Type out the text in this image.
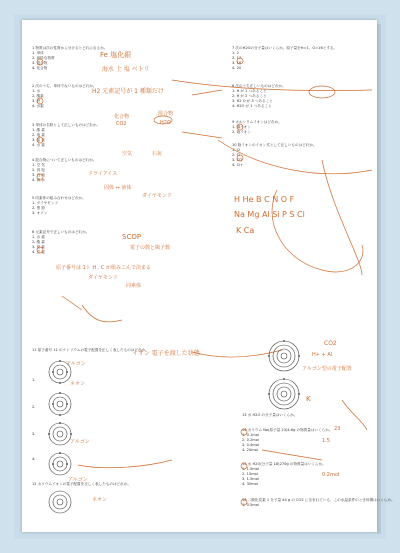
1 物質は次の性質から分けるとどれになるか。
1. 単体
2. 純粋な物質
3. 混合物
4. 化合物
2 次のうち、単体でないものはどれか。
1. 水
2. 酸素
3. 鉄
4. 水素
3 単体の名称として正しいものはどれか。
1. 酸 素
2. 塩 素
3. 窒 素
4. 水 素
4 混合物について正しいものはどれか。
1. 空 気
2. 食 塩
3. 石 油
4. 海 水
5 同素体の組み合わせはどれか。
1. ダイヤモンド
2. 黒 鉛
3. オゾン
6 元素記号で正しいものはどれか。
1. 水 素
2. 酸 素
3. 窒 素
4. 炭 素
7 次のH2Oの分子量はいくらか。原子量をH=1、O=16とする。
1. 2
2. 17
3. 18
4. 20
8 次のうち正しいものはどれか。
1. H が 1 つあること
2. H が 2 つあること
3. H2 O が 3 つあること
4. H2O が 1 つあること
9 カルシウムイオンはどれか。
1. 陽イオン
2. 陰イオン
10 陰イオンのイオン式として正しいものはどれか。
1. Cl
2. Cl-
3. Cl2
4. Cl+
11 原子番号 11 のナトリウムの電子配置を正しく表したものはどれか。
1.
2.
3.
4.
12 カリウムイオンの電子配置を正しく表したものはどれか。
13 水 H2O の分子量はいくらか。
14 カリウム Na(原子量 23)4.6g の物質量はいくらか。
1. 0.1mol
2. 0.2mol
3. 0.4mol
4. 20mol
15 水 H2O(分子量 18)270g の物質量はいくらか。
1. 1.5mol
2. 15mol
3. 1.5mol
4. 30mol
16 二酸化炭素 1 分子量 44 g の CO2 に含まれている、この水温条件のとき体積はいくらか。
1. 0.5mol
Fe 塩化銀
海水 土 塩 ベトリ
H2 元素記号が 1 種類だけ
化合物
CO2
混合物
H2O
空気
ドライアイス
固体 ⇔ 液体
石灰
ダイヤモンド
SCOP
電子の数と陽子数
原子番号は 1ト H . C が組みこんで決まる
ダイヤモンド
同素体
H He B C N O F
Na Mg Al Si P S Cl
K Ca
イオン 電子を渡した状態
アルゴン
ネオン
アルゴン
K
CO2
H+ + Al
アルゴン型の電子配置
23
1.5
0.2mol
アルゴン
ネオン
